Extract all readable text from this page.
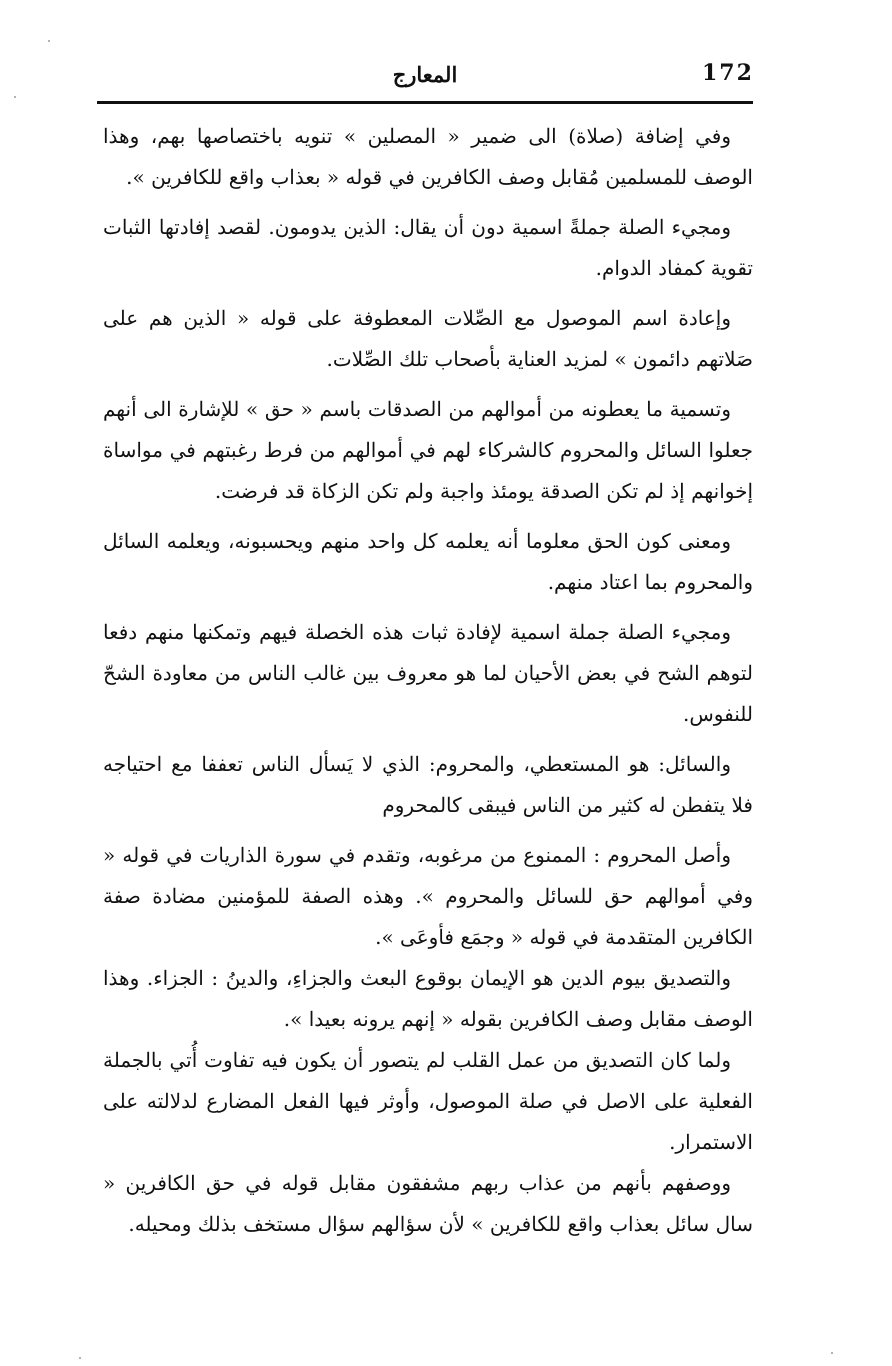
172
المعارج

وفي إضافة (صلاة) الى ضمير « المصلين » تنويه باختصاصها بهم، وهذا الوصف للمسلمين مُقابل وصف الكافرين في قوله « بعذاب واقع للكافرين ».

ومجيء الصلة جملةً اسمية دون أن يقال: الذين يدومون. لقصد إفادتها الثبات تقوية كمفاد الدوام.

وإعادة اسم الموصول مع الصِّلات المعطوفة على قوله « الذين هم على صَلاتهم دائمون » لمزيد العناية بأصحاب تلك الصِّلات.

وتسمية ما يعطونه من أموالهم من الصدقات باسم « حق » للإشارة الى أنهم جعلوا السائل والمحروم كالشركاء لهم في أموالهم من فرط رغبتهم في مواساة إخوانهم إذ لم تكن الصدقة يومئذ واجبة ولم تكن الزكاة قد فرضت.

ومعنى كون الحق معلوما أنه يعلمه كل واحد منهم ويحسبونه، ويعلمه السائل والمحروم بما اعتاد منهم.

ومجيء الصلة جملة اسمية لإفادة ثبات هذه الخصلة فيهم وتمكنها منهم دفعا لتوهم الشح في بعض الأحيان لما هو معروف بين غالب الناس من معاودة الشحّ للنفوس.

والسائل: هو المستعطي، والمحروم: الذي لا يَسأل الناس تعففا مع احتياجه فلا يتفطن له كثير من الناس فيبقى كالمحروم

وأصل المحروم : الممنوع من مرغوبه، وتقدم في سورة الذاريات في قوله « وفي أموالهم حق للسائل والمحروم ». وهذه الصفة للمؤمنين مضادة صفة الكافرين المتقدمة في قوله « وجمَع فأوعَى ».

والتصديق بيوم الدين هو الإيمان بوقوع البعث والجزاءِ، والدينُ : الجزاء. وهذا الوصف مقابل وصف الكافرين بقوله « إنهم يرونه بعيدا ».

ولما كان التصديق من عمل القلب لم يتصور أن يكون فيه تفاوت أُتي بالجملة الفعلية على الاصل في صلة الموصول، وأوثر فيها الفعل المضارع لدلالته على الاستمرار.

ووصفهم بأنهم من عذاب ربهم مشفقون مقابل قوله في حق الكافرين « سال سائل بعذاب واقع للكافرين » لأن سؤالهم سؤال مستخف بذلك ومحيله.
